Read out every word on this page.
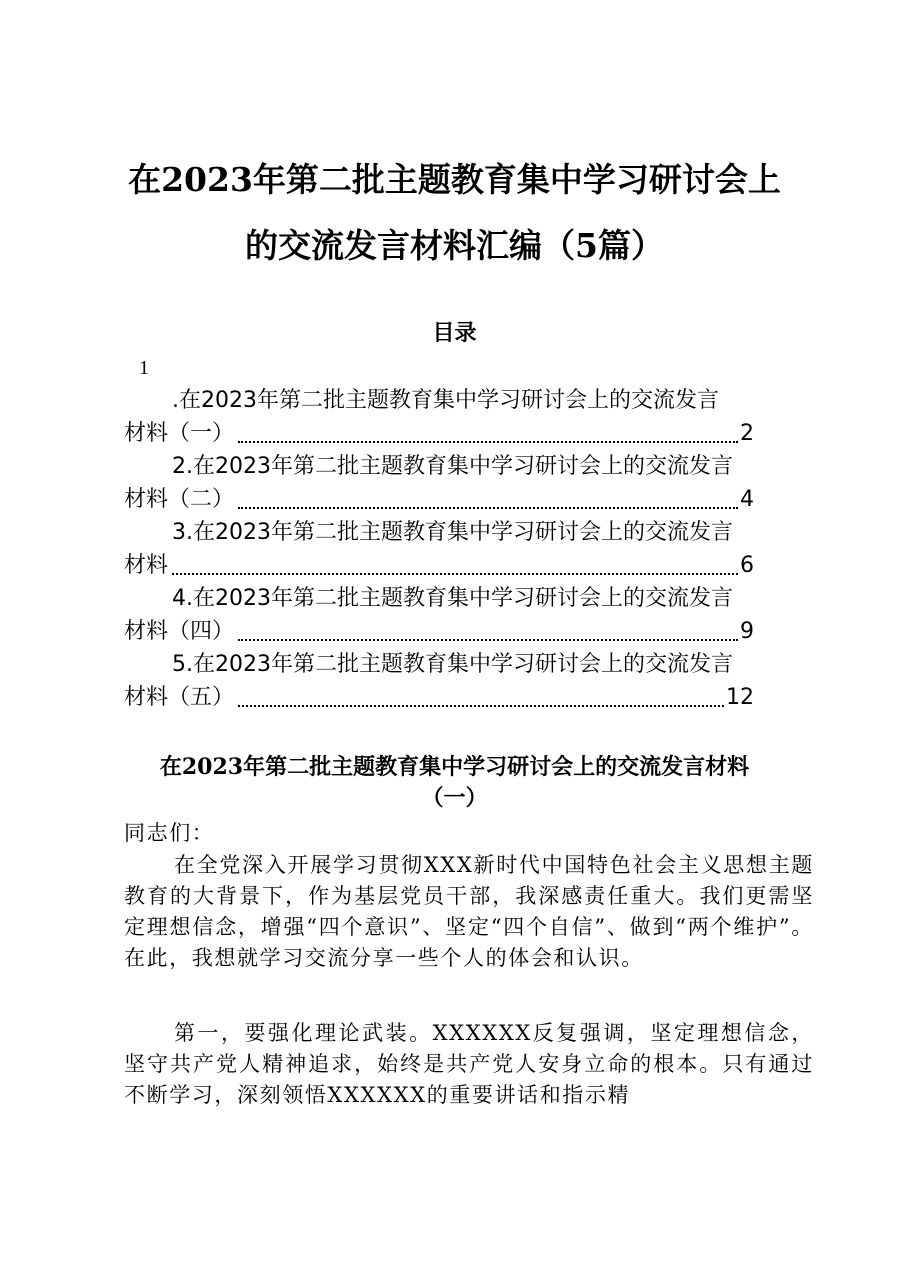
在2023年第二批主题教育集中学习研讨会上
的交流发言材料汇编（5篇）
目录
1
.在2023年第二批主题教育集中学习研讨会上的交流发言
材料（一）	2
2.在2023年第二批主题教育集中学习研讨会上的交流发言
材料（二）	4
3.在2023年第二批主题教育集中学习研讨会上的交流发言
材料	6
4.在2023年第二批主题教育集中学习研讨会上的交流发言
材料（四）	9
5.在2023年第二批主题教育集中学习研讨会上的交流发言
材料（五）	12
在2023年第二批主题教育集中学习研讨会上的交流发言材料
（一）
同志们：

在全党深入开展学习贯彻XXX新时代中国特色社会主义思想主题教育的大背景下，作为基层党员干部，我深感责任重大。我们更需坚定理想信念，增强“四个意识”、坚定“四个自信”、做到“两个维护”。在此，我想就学习交流分享一些个人的体会和认识。

第一，要强化理论武装。XXXXXX反复强调，坚定理想信念，坚守共产党人精神追求，始终是共产党人安身立命的根本。只有通过不断学习，深刻领悟XXXXXX的重要讲话和指示精
